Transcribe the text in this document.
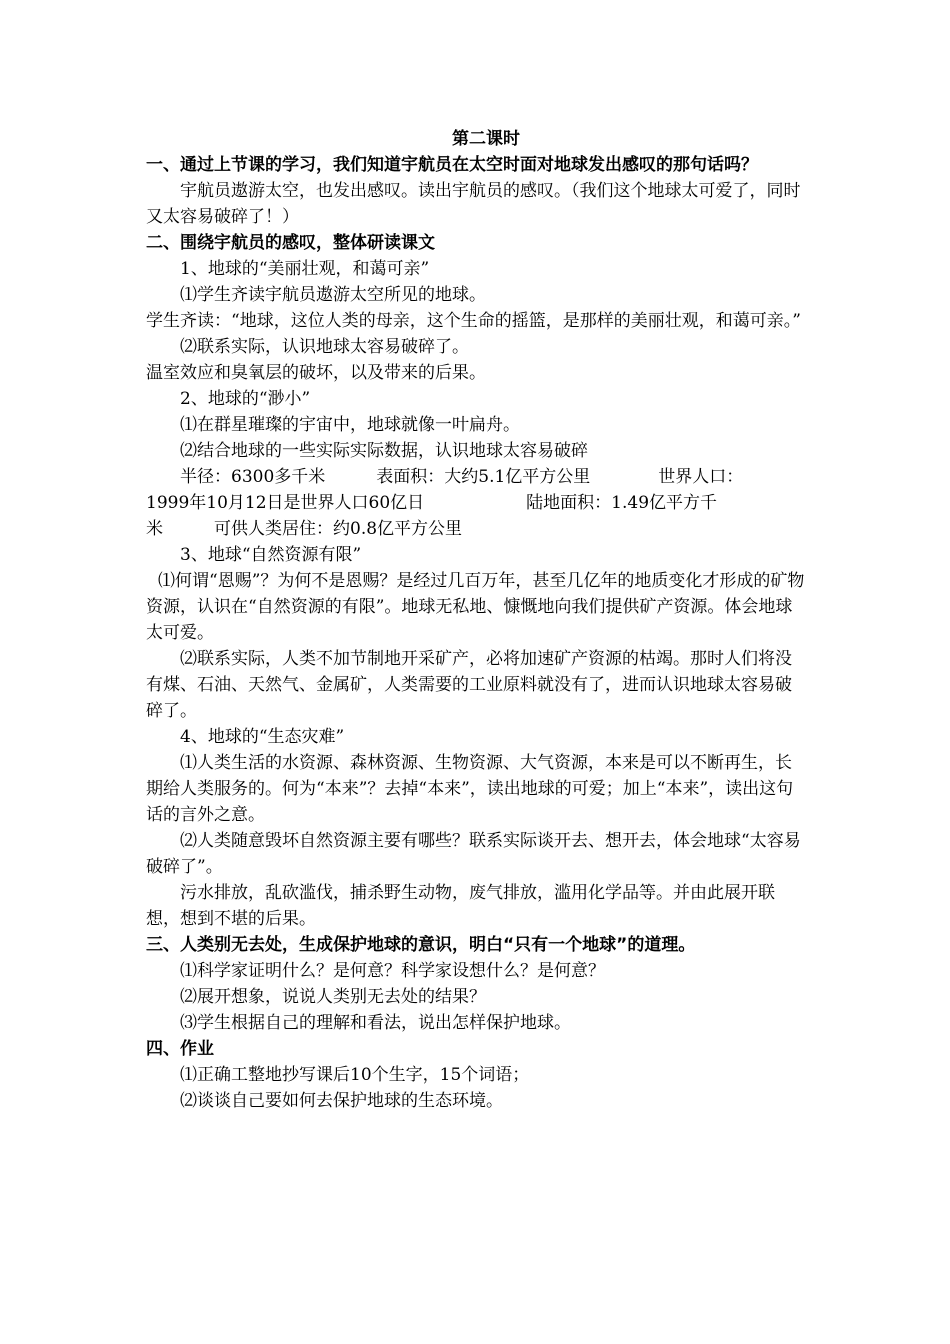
第二课时

一、通过上节课的学习，我们知道宇航员在太空时面对地球发出感叹的那句话吗？

宇航员遨游太空，也发出感叹。读出宇航员的感叹。（我们这个地球太可爱了，同时又太容易破碎了！）

二、围绕宇航员的感叹，整体研读课文

1、地球的“美丽壮观，和蔼可亲”

⑴学生齐读宇航员遨游太空所见的地球。

学生齐读：“地球，这位人类的母亲，这个生命的摇篮，是那样的美丽壮观，和蔼可亲。”

⑵联系实际，认识地球太容易破碎了。

温室效应和臭氧层的破坏，以及带来的后果。

2、地球的“渺小”

⑴在群星璀璨的宇宙中，地球就像一叶扁舟。

⑵结合地球的一些实际实际数据，认识地球太容易破碎

半径：6300多千米　　　表面积：大约5.1亿平方公里　　　　世界人口：

1999年10月12日是世界人口60亿日　　　　　　陆地面积：1.49亿平方千

米　　　可供人类居住：约0.8亿平方公里

3、地球“自然资源有限”

⑴何谓“恩赐”？为何不是恩赐？是经过几百万年，甚至几亿年的地质变化才形成的矿物资源，认识在“自然资源的有限”。地球无私地、慷慨地向我们提供矿产资源。体会地球太可爱。

⑵联系实际，人类不加节制地开采矿产，必将加速矿产资源的枯竭。那时人们将没有煤、石油、天然气、金属矿，人类需要的工业原料就没有了，进而认识地球太容易破碎了。

4、地球的“生态灾难”

⑴人类生活的水资源、森林资源、生物资源、大气资源，本来是可以不断再生，长期给人类服务的。何为“本来”？去掉“本来”，读出地球的可爱；加上“本来”，读出这句话的言外之意。

⑵人类随意毁坏自然资源主要有哪些？联系实际谈开去、想开去，体会地球“太容易破碎了”。

污水排放，乱砍滥伐，捕杀野生动物，废气排放，滥用化学品等。并由此展开联想，想到不堪的后果。

三、人类别无去处，生成保护地球的意识，明白“只有一个地球”的道理。

⑴科学家证明什么？是何意？科学家设想什么？是何意？

⑵展开想象，说说人类别无去处的结果？

⑶学生根据自己的理解和看法，说出怎样保护地球。

四、作业

⑴正确工整地抄写课后10个生字，15个词语；

⑵谈谈自己要如何去保护地球的生态环境。
